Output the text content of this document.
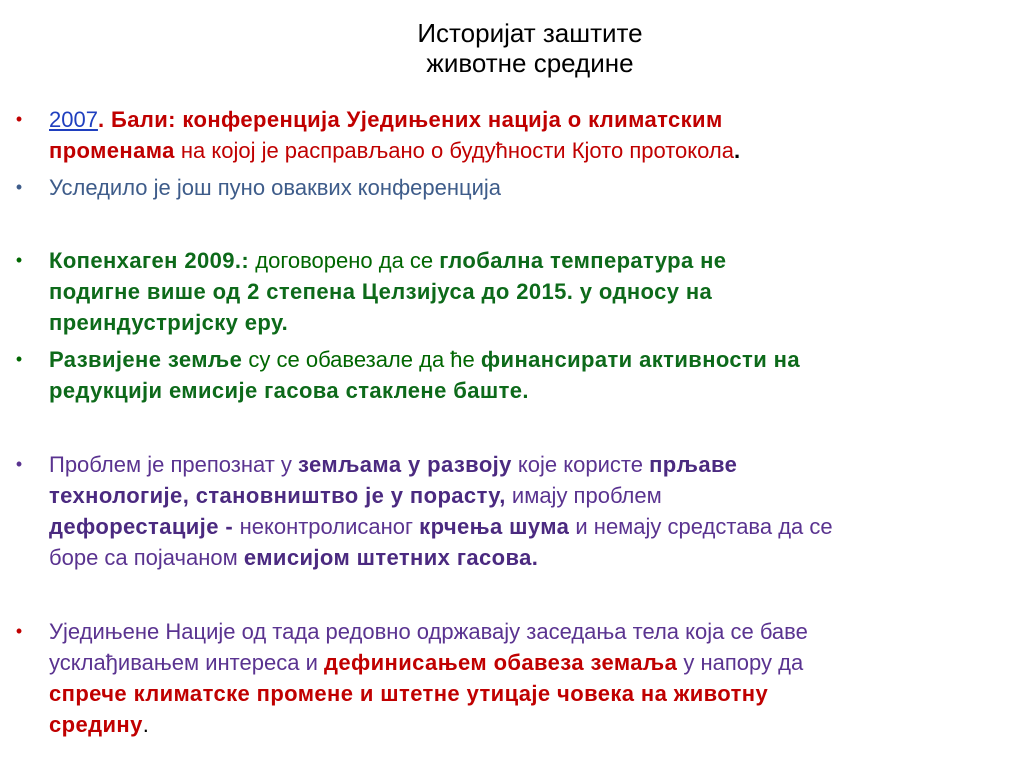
Историјат заштите
животне средине
• 2007. Бали: конференција Уједињених нација о климатским
променама на којој је расправљано о будућности Кјото протокола.
• Уследило је још пуно оваквих конференција
• Копенхаген 2009.: договорено да се глобална температура не
подигне више од 2 степена Целзијуса до 2015. у односу на
преиндустријску еру.
• Развијене земље су се обавезале да ће финансирати активности на
редукцији емисије гасова стаклене баште.
• Проблем је препознат у земљама у развоју које користе прљаве
технологије, становништво је у порасту, имају проблем
дефорестације - неконтролисаног крчења шума и немају средстава да се
боре са појачаном емисијом штетних гасова.
• Уједињене Нације од тада редовно одржавају заседања тела која се баве
усклађивањем интереса и дефинисањем обавеза земаља у напору да
спрече климатске промене и штетне утицаје човека на животну
средину.
